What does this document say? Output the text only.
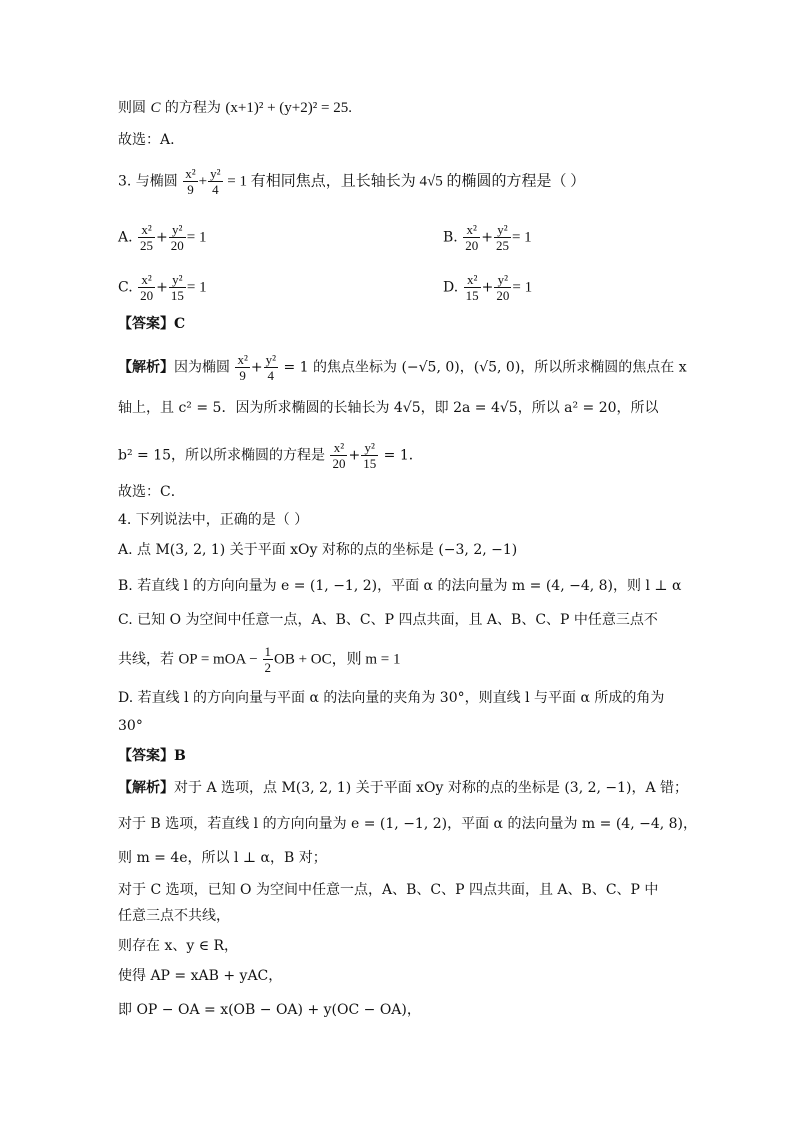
则圆 C 的方程为 (x+1)² + (y+2)² = 25.
故选：A.
3. 与椭圆 $\frac{\text{x²}}{9} + \frac{\text{y²}}{4} = 1$ 有相同焦点，且长轴长为 4√5 的椭圆的方程是（ ）
A. $\frac{\text{x²}}{25} + \frac{\text{y²}}{20} = 1$	B. $\frac{\text{x²}}{20} + \frac{\text{y²}}{25} = 1$
C. $\frac{\text{x²}}{20} + \frac{\text{y²}}{15} = 1$	D. $\frac{\text{x²}}{15} + \frac{\text{y²}}{20} = 1$
【答案】C
【解析】因为椭圆 $\frac{\text{x²}}{9} + \frac{\text{y²}}{4} = 1$ 的焦点坐标为 (−√5, 0)，(√5, 0)，所以所求椭圆的焦点在 x
轴上，且 c² = 5．因为所求椭圆的长轴长为 4√5，即 2a = 4√5，所以 a² = 20，所以
b² = 15，所以所求椭圆的方程是 $\frac{\text{x²}}{20} + \frac{\text{y²}}{15} = 1$．
故选：C．
4. 下列说法中，正确的是（ ）
A. 点 M(3, 2, 1) 关于平面 xOy 对称的点的坐标是 (−3, 2, −1)
B. 若直线 l 的方向向量为 e = (1, −1, 2)，平面 α 的法向量为 m = (4, −4, 8)，则 l ⊥ α
C. 已知 O 为空间中任意一点，A、B、C、P 四点共面，且 A、B、C、P 中任意三点不
共线，若 OP = mOA − $\frac{1}{2}$ OB + OC，则 m = 1
D. 若直线 l 的方向向量与平面 α 的法向量的夹角为 30°，则直线 l 与平面 α 所成的角为
30°
【答案】B
【解析】对于 A 选项，点 M(3, 2, 1) 关于平面 xOy 对称的点的坐标是 (3, 2, −1)，A 错；
对于 B 选项，若直线 l 的方向向量为 e = (1, −1, 2)，平面 α 的法向量为 m = (4, −4, 8)，
则 m = 4e，所以 l ⊥ α，B 对；
对于 C 选项，已知 O 为空间中任意一点，A、B、C、P 四点共面，且 A、B、C、P 中
任意三点不共线，
则存在 x、y ∈ R，
使得 AP = xAB + yAC，
即 OP − OA = x(OB − OA) + y(OC − OA)，
